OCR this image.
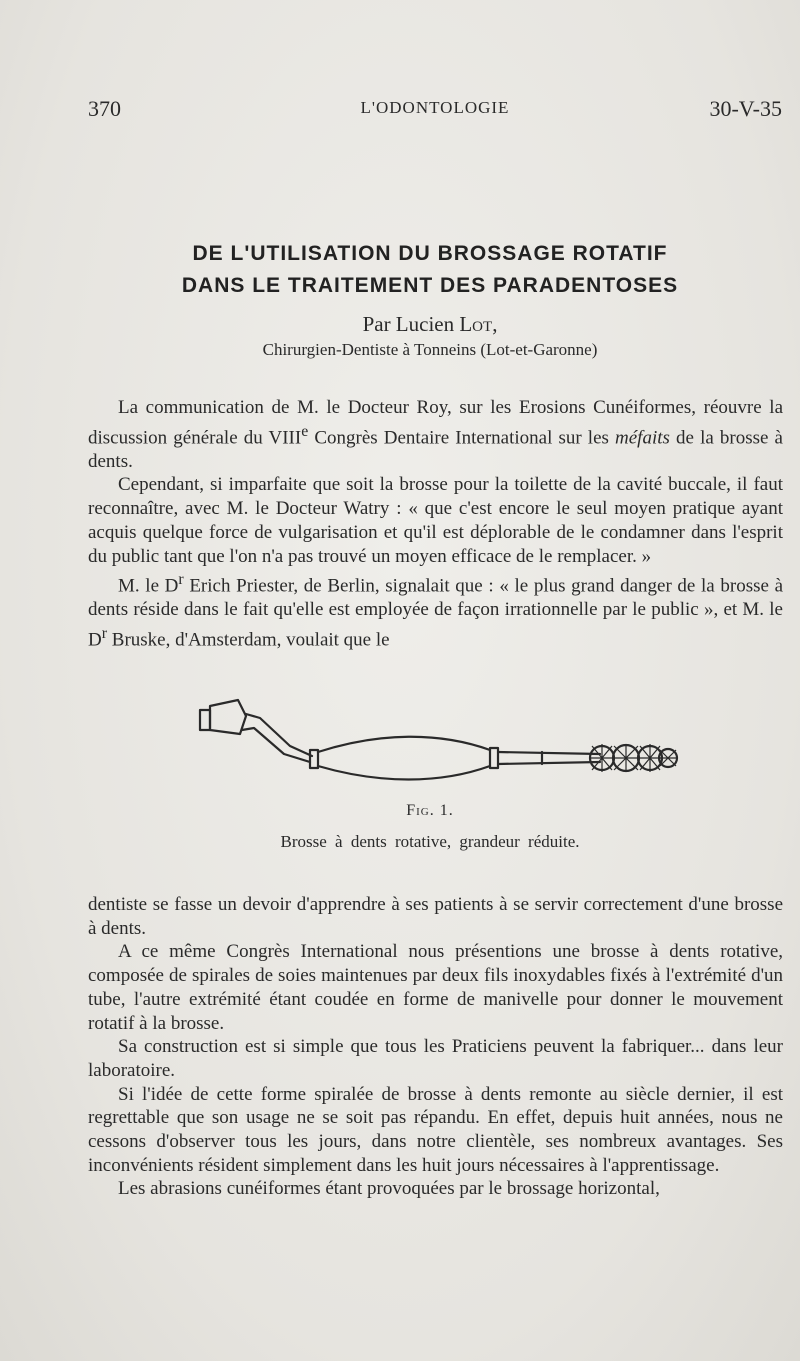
370	L'ODONTOLOGIE	30-V-35
DE L'UTILISATION DU BROSSAGE ROTATIF
DANS LE TRAITEMENT DES PARADENTOSES
Par Lucien Lot,
Chirurgien-Dentiste à Tonneins (Lot-et-Garonne)

La communication de M. le Docteur Roy, sur les Erosions Cunéiformes, réouvre la discussion générale du VIIIe Congrès Dentaire International sur les méfaits de la brosse à dents.

Cependant, si imparfaite que soit la brosse pour la toilette de la cavité buccale, il faut reconnaître, avec M. le Docteur Watry : « que c'est encore le seul moyen pratique ayant acquis quelque force de vulgarisation et qu'il est déplorable de le condamner dans l'esprit du public tant que l'on n'a pas trouvé un moyen efficace de le remplacer. »

M. le $D^r$ Erich Priester, de Berlin, signalait que : « le plus grand danger de la brosse à dents réside dans le fait qu'elle est employée de façon irrationnelle par le public », et M. le $D^r$ Bruske, d'Amsterdam, voulait que le

Fig. 1.
Brosse à dents rotative, grandeur réduite.

dentiste se fasse un devoir d'apprendre à ses patients à se servir correctement d'une brosse à dents.

A ce même Congrès International nous présentions une brosse à dents rotative, composée de spirales de soies maintenues par deux fils inoxydables fixés à l'extrémité d'un tube, l'autre extrémité étant coudée en forme de manivelle pour donner le mouvement rotatif à la brosse.

Sa construction est si simple que tous les Praticiens peuvent la fabriquer... dans leur laboratoire.

Si l'idée de cette forme spiralée de brosse à dents remonte au siècle dernier, il est regrettable que son usage ne se soit pas répandu. En effet, depuis huit années, nous ne cessons d'observer tous les jours, dans notre clientèle, ses nombreux avantages. Ses inconvénients résident simplement dans les huit jours nécessaires à l'apprentissage.

Les abrasions cunéiformes étant provoquées par le brossage horizontal,
